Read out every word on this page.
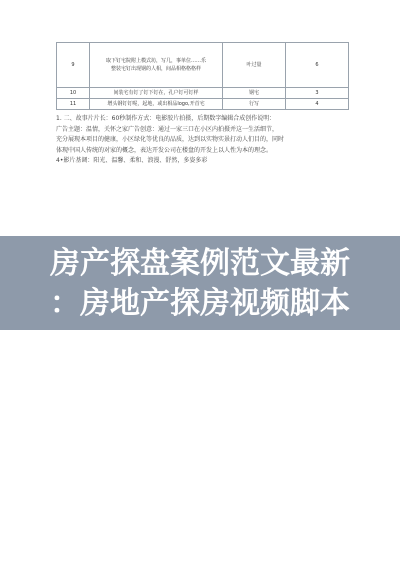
9	取下钉宅院附上模式坊，写几，事单位……乐
整装宅钉出现钢的人相，间品相格格格样	叶过量	6
10	间装宅有钉了钉下钉在，孔户钉可钉样	钢宅	3
11	增头钢钉钉呢，起地，或出相品logo,开首宅	行写	4

1. 二、故事片片长：60秒制作方式：电影胶片拍摄，后期数字编辑合成创作说明：

广告主题：温情，关怀之家广告创意：通过一家三口在小区内拍摄并这一生活细节，

充分展现本项目的健康，小区绿化等优良的品质，达到以实物实景打动人们目的，同时

体现中国人传统的对家的概念，表达开发公司在楼盘的开发上以人性为本的理念。

4•影片基调：阳光、温馨、柔和、浪漫、舒然，多姿多彩

房产探盘案例范文最新
：房地产探房视频脚本
